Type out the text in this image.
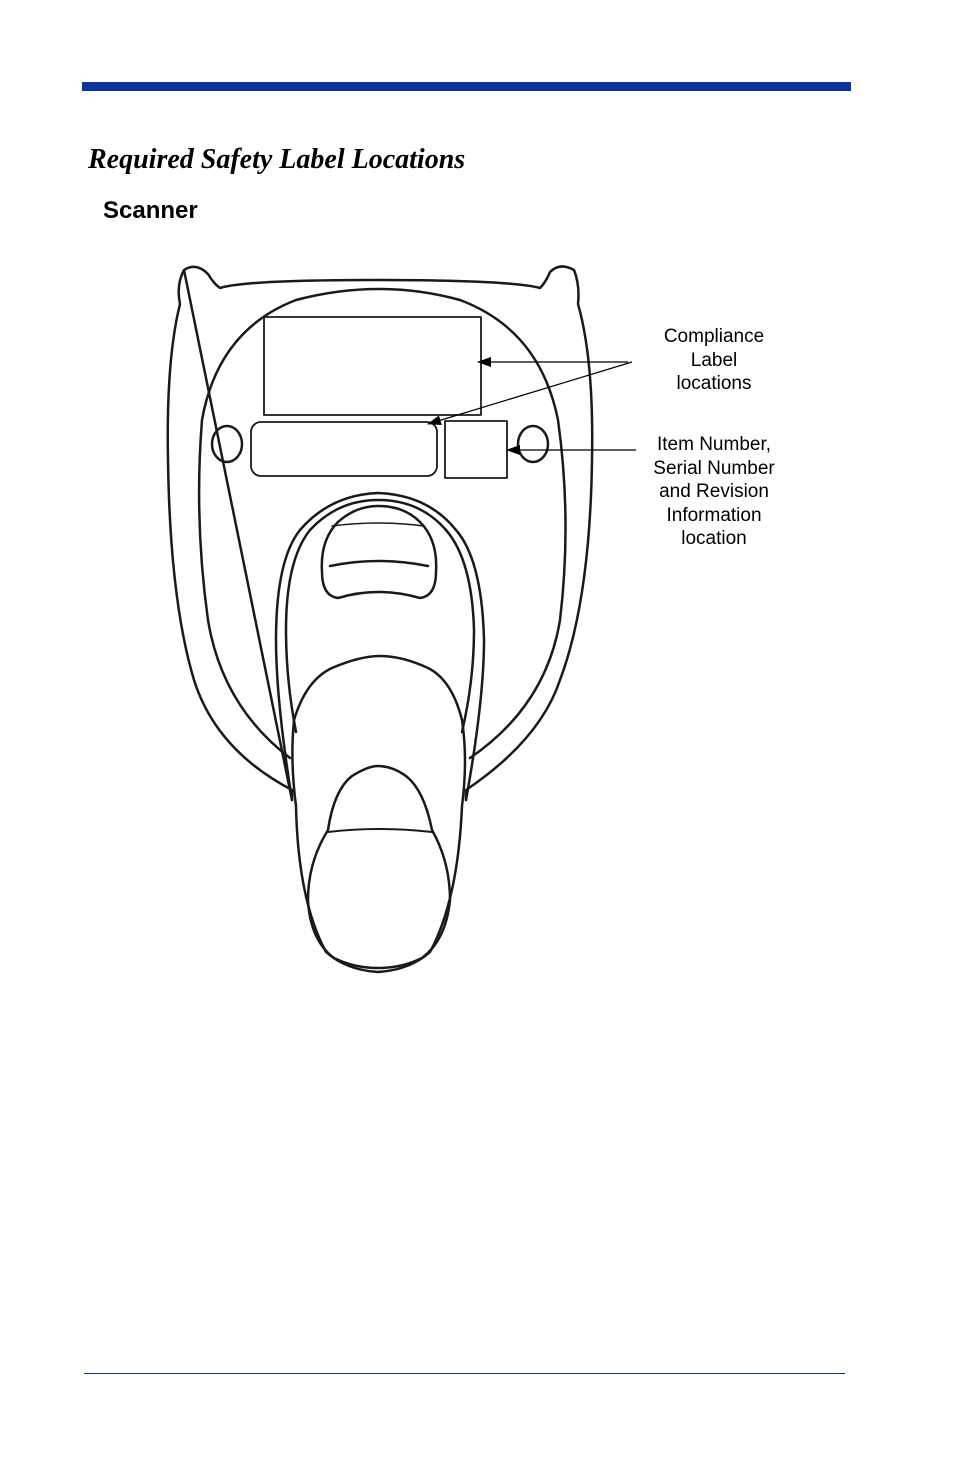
Required Safety Label Locations
Scanner
Compliance
Label
locations
Item Number,
Serial Number
and Revision
Information
location
